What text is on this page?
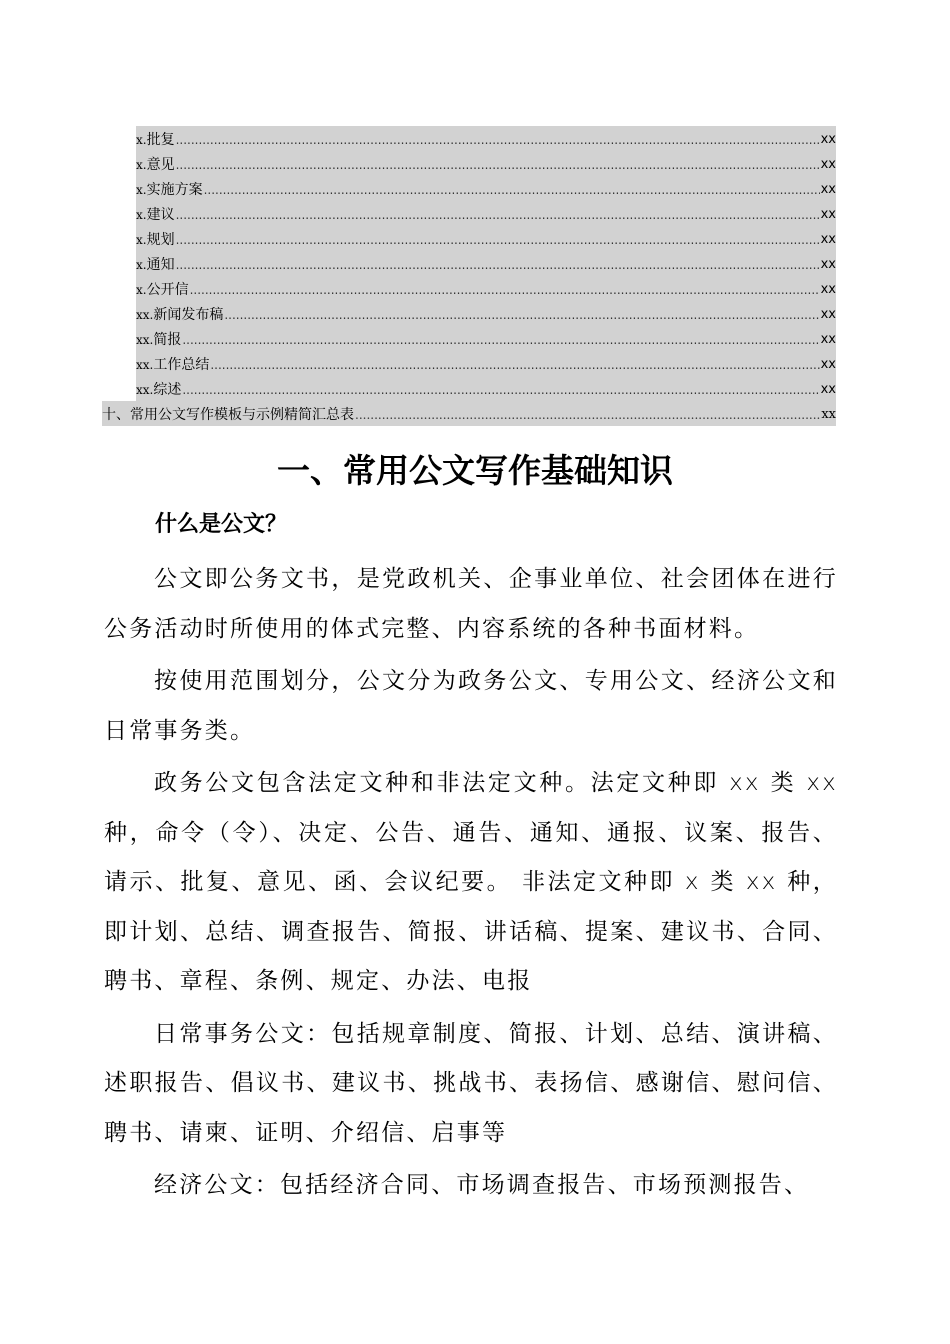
x.批复 .....	xx
x.意见 .....	xx
x.实施方案 .....	xx
x.建议 .....	xx
x.规划 .....	xx
x.通知 .....	xx
x.公开信 .....	xx
xx.新闻发布稿 .....	xx
xx.简报 .....	xx
xx.工作总结 .....	xx
xx.综述 .....	xx
十、常用公文写作模板与示例精简汇总表 .....	xx
一、常用公文写作基础知识
什么是公文？

公文即公务文书，是党政机关、企事业单位、社会团体在进行公务活动时所使用的体式完整、内容系统的各种书面材料。

按使用范围划分，公文分为政务公文、专用公文、经济公文和日常事务类。

政务公文包含法定文种和非法定文种。法定文种即 xx 类 xx 种，命令（令）、决定、公告、通告、通知、通报、议案、报告、请示、批复、意见、函、会议纪要。 非法定文种即 x 类 xx 种，即计划、总结、调查报告、简报、讲话稿、提案、建议书、合同、聘书、章程、条例、规定、办法、电报

日常事务公文：包括规章制度、简报、计划、总结、演讲稿、述职报告、倡议书、建议书、挑战书、表扬信、感谢信、慰问信、聘书、请柬、证明、介绍信、启事等

经济公文：包括经济合同、市场调查报告、市场预测报告、
